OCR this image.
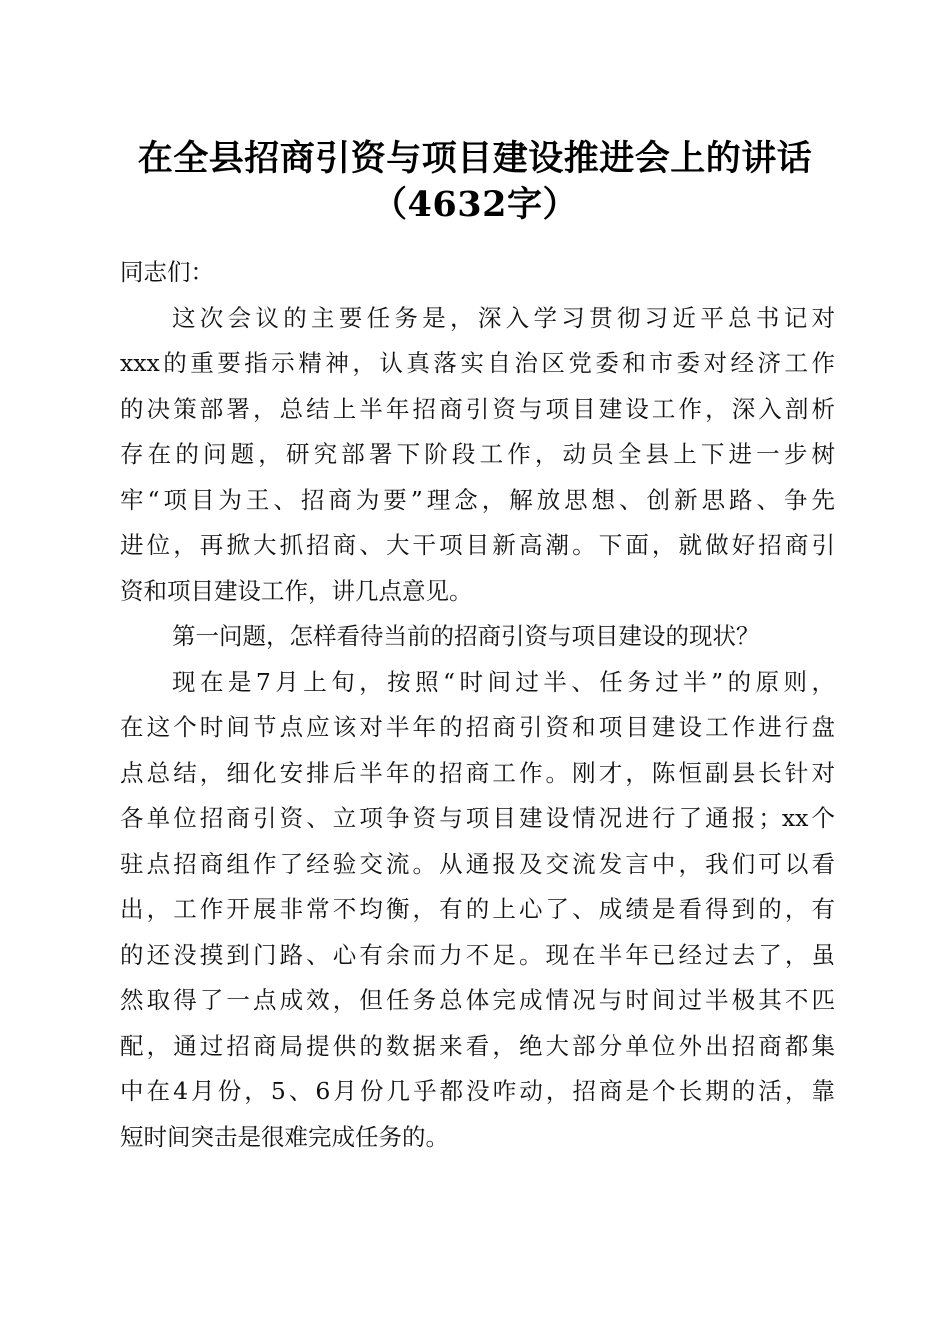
在全县招商引资与项目建设推进会上的讲话
（4632字）
同志们：
这次会议的主要任务是，深入学习贯彻习近平总书记对
xxx的重要指示精神，认真落实自治区党委和市委对经济工作
的决策部署，总结上半年招商引资与项目建设工作，深入剖析
存在的问题，研究部署下阶段工作，动员全县上下进一步树
牢“项目为王、招商为要”理念，解放思想、创新思路、争先
进位，再掀大抓招商、大干项目新高潮。下面，就做好招商引
资和项目建设工作，讲几点意见。
第一问题，怎样看待当前的招商引资与项目建设的现状？
现在是7月上旬，按照“时间过半、任务过半”的原则，
在这个时间节点应该对半年的招商引资和项目建设工作进行盘
点总结，细化安排后半年的招商工作。刚才，陈恒副县长针对
各单位招商引资、立项争资与项目建设情况进行了通报；xx个
驻点招商组作了经验交流。从通报及交流发言中，我们可以看
出，工作开展非常不均衡，有的上心了、成绩是看得到的，有
的还没摸到门路、心有余而力不足。现在半年已经过去了，虽
然取得了一点成效，但任务总体完成情况与时间过半极其不匹
配，通过招商局提供的数据来看，绝大部分单位外出招商都集
中在4月份，5、6月份几乎都没咋动，招商是个长期的活，靠
短时间突击是很难完成任务的。
